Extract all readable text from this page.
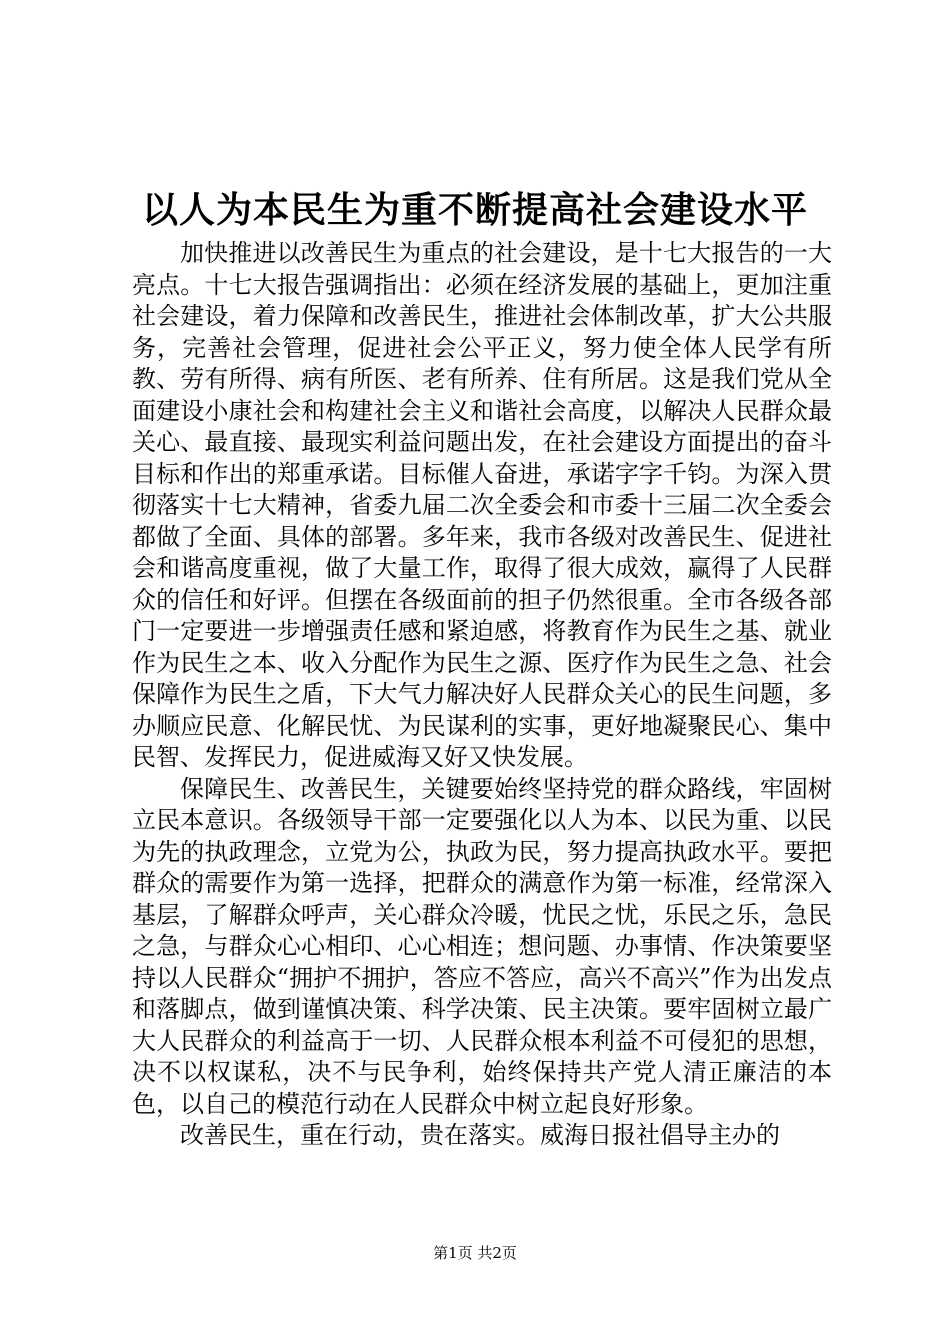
以人为本民生为重不断提高社会建设水平

加快推进以改善民生为重点的社会建设，是十七大报告的一大亮点。十七大报告强调指出：必须在经济发展的基础上，更加注重社会建设，着力保障和改善民生，推进社会体制改革，扩大公共服务，完善社会管理，促进社会公平正义，努力使全体人民学有所教、劳有所得、病有所医、老有所养、住有所居。这是我们党从全面建设小康社会和构建社会主义和谐社会高度，以解决人民群众最关心、最直接、最现实利益问题出发，在社会建设方面提出的奋斗目标和作出的郑重承诺。目标催人奋进，承诺字字千钧。为深入贯彻落实十七大精神，省委九届二次全委会和市委十三届二次全委会都做了全面、具体的部署。多年来，我市各级对改善民生、促进社会和谐高度重视，做了大量工作，取得了很大成效，赢得了人民群众的信任和好评。但摆在各级面前的担子仍然很重。全市各级各部门一定要进一步增强责任感和紧迫感，将教育作为民生之基、就业作为民生之本、收入分配作为民生之源、医疗作为民生之急、社会保障作为民生之盾，下大气力解决好人民群众关心的民生问题，多办顺应民意、化解民忧、为民谋利的实事，更好地凝聚民心、集中民智、发挥民力，促进威海又好又快发展。

保障民生、改善民生，关键要始终坚持党的群众路线，牢固树立民本意识。各级领导干部一定要强化以人为本、以民为重、以民为先的执政理念，立党为公，执政为民，努力提高执政水平。要把群众的需要作为第一选择，把群众的满意作为第一标准，经常深入基层，了解群众呼声，关心群众冷暖，忧民之忧，乐民之乐，急民之急，与群众心心相印、心心相连；想问题、办事情、作决策要坚持以人民群众“拥护不拥护，答应不答应，高兴不高兴”作为出发点和落脚点，做到谨慎决策、科学决策、民主决策。要牢固树立最广大人民群众的利益高于一切、人民群众根本利益不可侵犯的思想，决不以权谋私，决不与民争利，始终保持共产党人清正廉洁的本色，以自己的模范行动在人民群众中树立起良好形象。

改善民生，重在行动，贵在落实。威海日报社倡导主办的

第1页 共2页
